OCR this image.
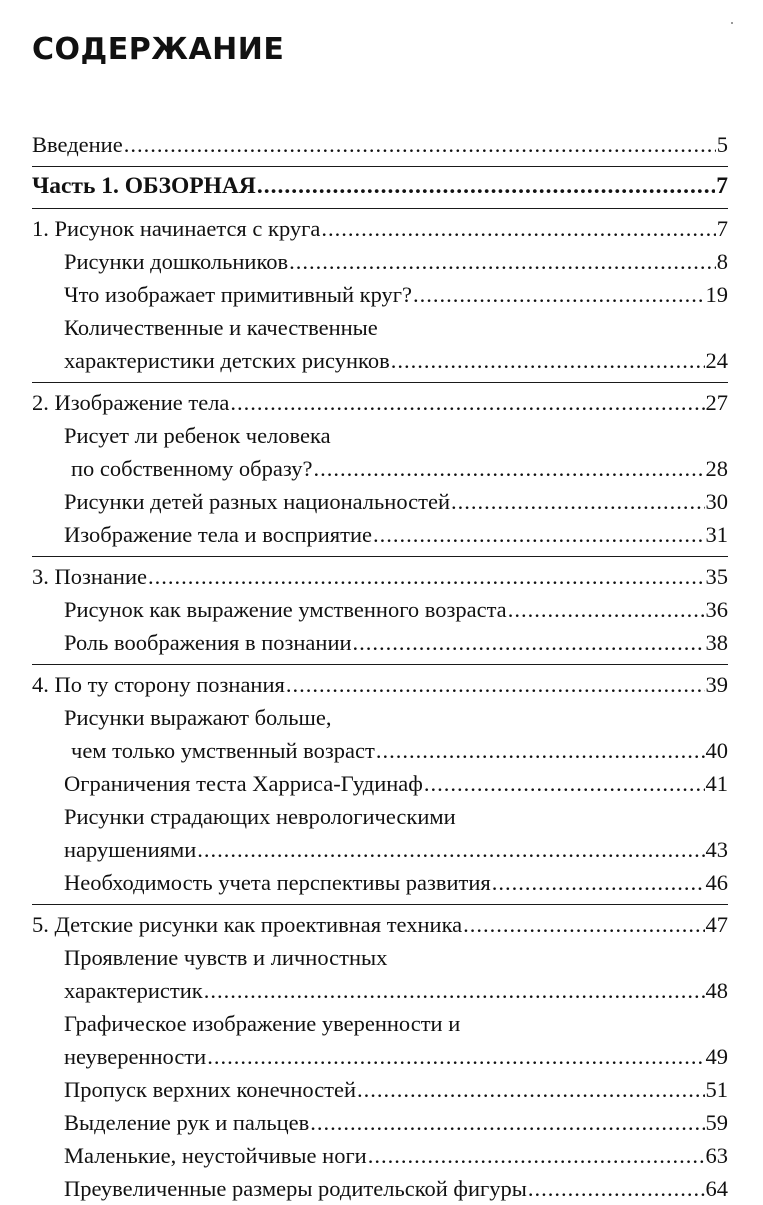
СОДЕРЖАНИЕ
Введение .....	5
Часть 1. ОБЗОРНАЯ .....	7
1. Рисунок начинается с круга .....	7
Рисунки дошкольников .....	8
Что изображает примитивный круг? .....	19
Количественные и качественные
характеристики детских рисунков .....	24
2. Изображение тела .....	27
Рисует ли ребенок человека
по собственному образу? .....	28
Рисунки детей разных национальностей .....	30
Изображение тела и восприятие .....	31
3. Познание .....	35
Рисунок как выражение умственного возраста .....	36
Роль воображения в познании .....	38
4. По ту сторону познания .....	39
Рисунки выражают больше,
чем только умственный возраст .....	40
Ограничения теста Харриса-Гудинаф .....	41
Рисунки страдающих неврологическими
нарушениями .....	43
Необходимость учета перспективы развития .....	46
5. Детские рисунки как проективная техника .....	47
Проявление чувств и личностных
характеристик .....	48
Графическое изображение уверенности и
неуверенности .....	49
Пропуск верхних конечностей .....	51
Выделение рук и пальцев .....	59
Маленькие, неустойчивые ноги .....	63
Преувеличенные размеры родительской фигуры .....	64
